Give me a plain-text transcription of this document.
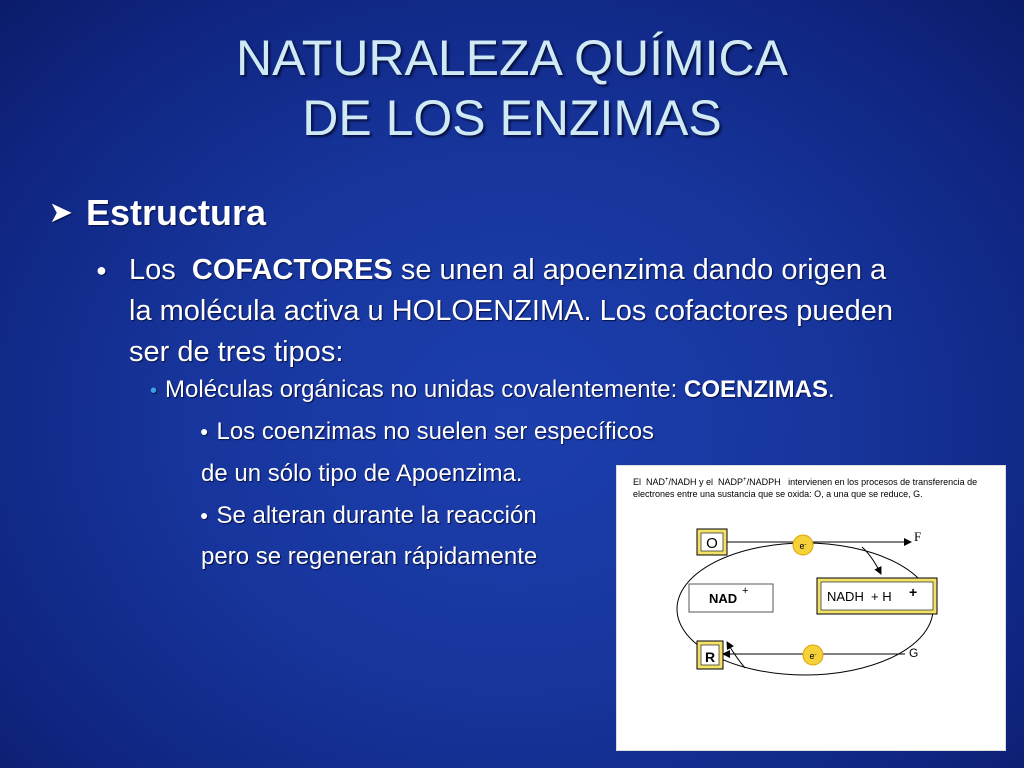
NATURALEZA QUÍMICA
DE LOS ENZIMAS
➤ Estructura
● Los  COFACTORES se unen al apoenzima dando origen a la molécula activa u HOLOENZIMA. Los cofactores pueden ser de tres tipos:
• Moléculas orgánicas no unidas covalentemente: COENZIMAS.
● Los coenzimas no suelen ser específicos
de un sólo tipo de Apoenzima.
● Se alteran durante la reacción
pero se regeneran rápidamente
El  NAD+/NADH y el  NADP+/NADPH   intervienen en los procesos de transferencia de electrones entre una sustancia que se oxida: O, a una que se reduce, G.
O
R
e-
e-
F
G
NAD +	NADH  + H +
